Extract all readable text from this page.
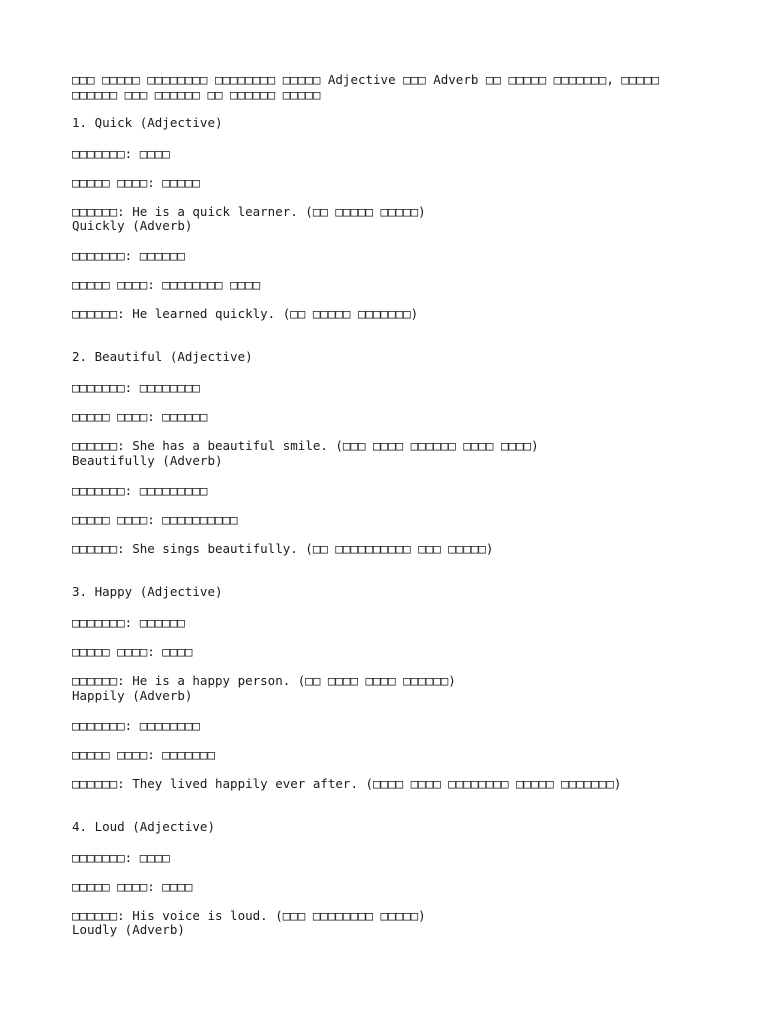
□□□ □□□□□ □□□□□□□□ □□□□□□□□ □□□□□ Adjective □□□ Adverb □□ □□□□□ □□□□□□□, □□□□□
□□□□□□ □□□ □□□□□□ □□ □□□□□□ □□□□□
1. Quick (Adjective)
□□□□□□□: □□□□
□□□□□ □□□□: □□□□□
□□□□□□: He is a quick learner. (□□ □□□□□ □□□□□)
Quickly (Adverb)
□□□□□□□: □□□□□□
□□□□□ □□□□: □□□□□□□□ □□□□
□□□□□□: He learned quickly. (□□ □□□□□ □□□□□□□)
2. Beautiful (Adjective)
□□□□□□□: □□□□□□□□
□□□□□ □□□□: □□□□□□
□□□□□□: She has a beautiful smile. (□□□ □□□□ □□□□□□ □□□□ □□□□)
Beautifully (Adverb)
□□□□□□□: □□□□□□□□□
□□□□□ □□□□: □□□□□□□□□□
□□□□□□: She sings beautifully. (□□ □□□□□□□□□□ □□□ □□□□□)
3. Happy (Adjective)
□□□□□□□: □□□□□□
□□□□□ □□□□: □□□□
□□□□□□: He is a happy person. (□□ □□□□ □□□□ □□□□□□)
Happily (Adverb)
□□□□□□□: □□□□□□□□
□□□□□ □□□□: □□□□□□□
□□□□□□: They lived happily ever after. (□□□□ □□□□ □□□□□□□□ □□□□□ □□□□□□□)
4. Loud (Adjective)
□□□□□□□: □□□□
□□□□□ □□□□: □□□□
□□□□□□: His voice is loud. (□□□ □□□□□□□□ □□□□□)
Loudly (Adverb)
